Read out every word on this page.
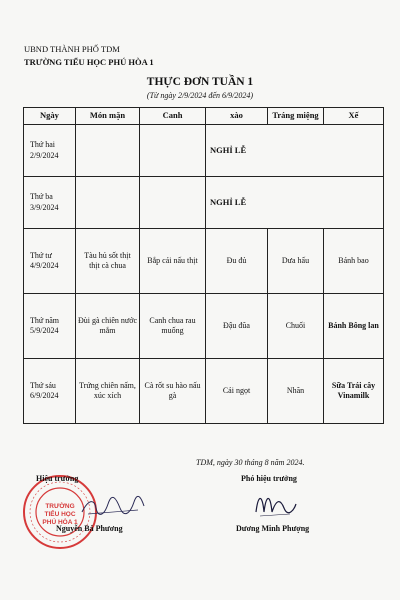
UBND THÀNH PHỐ TDM
TRƯỜNG TIỂU HỌC PHÚ HÒA 1
THỰC ĐƠN TUẦN 1
(Từ ngày 2/9/2024 đến 6/9/2024)
Ngày	Món mặn	Canh	xào	Tráng miệng	Xế
Thứ hai
2/9/2024			NGHỈ LỄ		
Thứ ba
3/9/2024			NGHỈ LỄ		
Thứ tư
4/9/2024	Tàu hủ sốt thịt thịt cà chua	Bắp cải nấu thịt	Đu đủ	Dưa hấu	Bánh bao
Thứ năm
5/9/2024	Đùi gà chiên nước mắm	Canh chua rau muống	Đậu đũa	Chuối	Bánh Bông lan
Thứ sáu
6/9/2024	Trứng chiên nấm, xúc xích	Cà rốt su hào nấu gà	Cải ngọt	Nhãn	Sữa Trái cây Vinamilk
TDM, ngày 30 tháng 8 năm 2024.
TRƯỜNG
TIỂU HỌC
PHÚ HÒA 1
Hiệu trưởng	Phó hiệu trưởng
Nguyễn Bá Phương	Dương Minh Phượng
